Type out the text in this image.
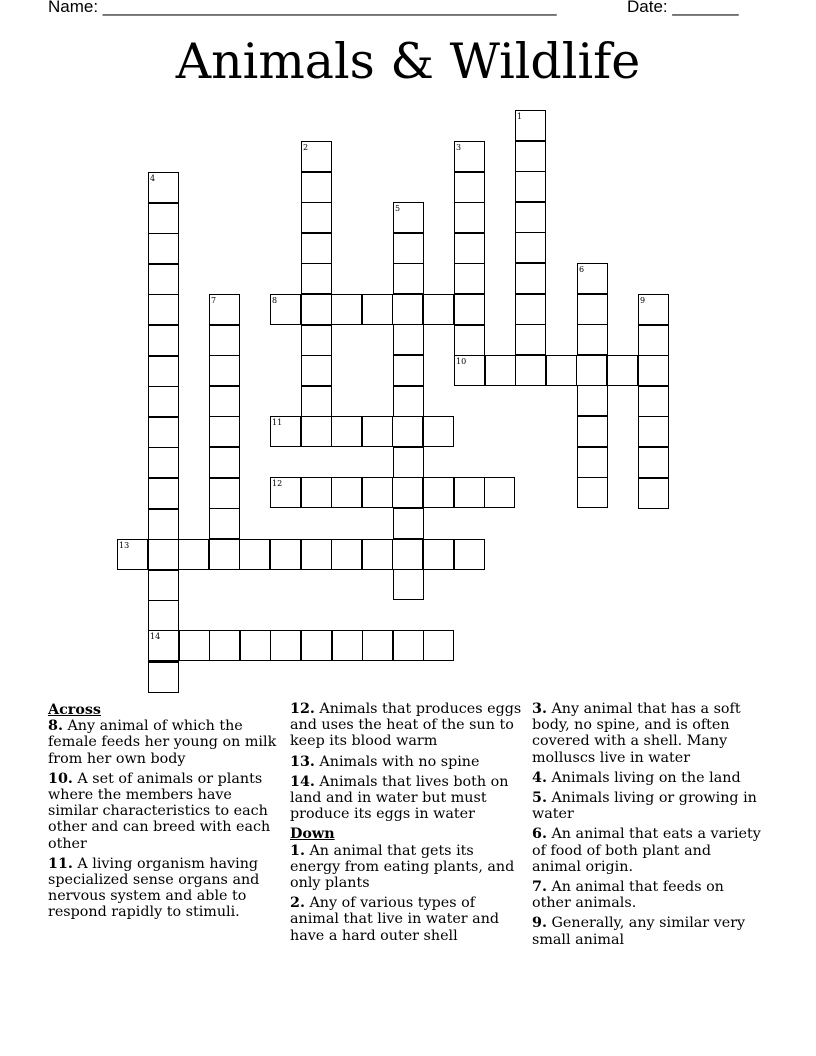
Name: ________________________________________________	Date: _______
Animals & Wildlife
1
2	3
10
4
5
6
7	9
8
11
12
13
14
Across
8. Any animal of which the female feeds her young on milk from her own body
10. A set of animals or plants where the members have similar characteristics to each other and can breed with each other
11. A living organism having specialized sense organs and nervous system and able to respond rapidly to stimuli.
12. Animals that produces eggs and uses the heat of the sun to keep its blood warm
13. Animals with no spine
14. Animals that lives both on land and in water but must produce its eggs in water
Down
1. An animal that gets its energy from eating plants, and only plants
2. Any of various types of animal that live in water and have a hard outer shell
3. Any animal that has a soft body, no spine, and is often covered with a shell. Many molluscs live in water
4. Animals living on the land
5. Animals living or growing in water
6. An animal that eats a variety of food of both plant and animal origin.
7. An animal that feeds on other animals.
9. Generally, any similar very small animal
